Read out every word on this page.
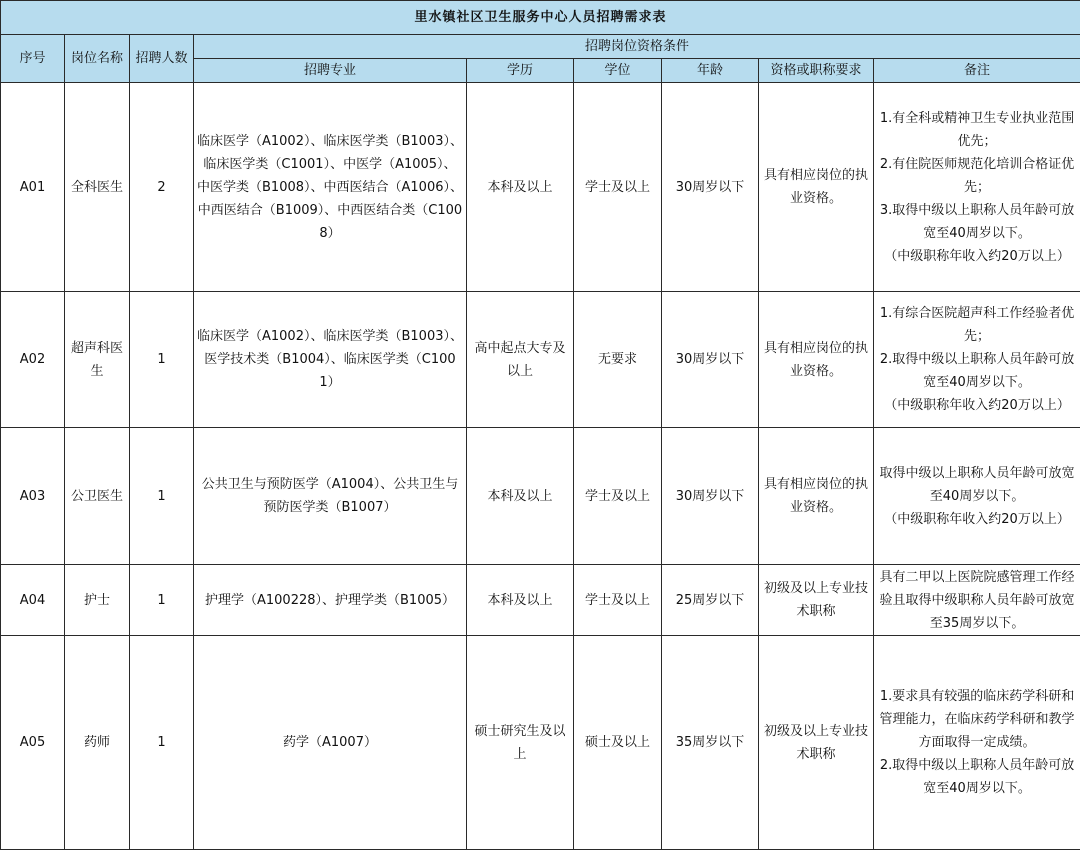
里水镇社区卫生服务中心人员招聘需求表								
序号	岗位名称	招聘人数	招聘岗位资格条件					
			招聘专业	学历	学位	年龄	资格或职称要求	备注
A01	全科医生	2	临床医学（A1002）、临床医学类（B1003）、临床医学类（C1001）、中医学（A1005）、中医学类（B1008）、中西医结合（A1006）、中西医结合（B1009）、中西医结合类（C1008）	本科及以上	学士及以上	30周岁以下	具有相应岗位的执业资格。	1.有全科或精神卫生专业执业范围优先；
2.有住院医师规范化培训合格证优先；
3.取得中级以上职称人员年龄可放宽至40周岁以下。
（中级职称年收入约20万以上）

A02	超声科医生	1	临床医学（A1002）、临床医学类（B1003）、医学技术类（B1004）、临床医学类（C1001）	高中起点大专及以上	无要求	30周岁以下	具有相应岗位的执业资格。	1.有综合医院超声科工作经验者优先；
2.取得中级以上职称人员年龄可放宽至40周岁以下。
（中级职称年收入约20万以上）

A03	公卫医生	1	公共卫生与预防医学（A1004）、公共卫生与预防医学类（B1007）	本科及以上	学士及以上	30周岁以下	具有相应岗位的执业资格。	取得中级以上职称人员年龄可放宽至40周岁以下。
（中级职称年收入约20万以上）

A04	护士	1	护理学（A100228）、护理学类（B1005）	本科及以上	学士及以上	25周岁以下	初级及以上专业技术职称	具有二甲以上医院院感管理工作经验且取得中级职称人员年龄可放宽至35周岁以下。

A05	药师	1	药学（A1007）	硕士研究生及以上	硕士及以上	35周岁以下	初级及以上专业技术职称	1.要求具有较强的临床药学科研和管理能力，在临床药学科研和教学方面取得一定成绩。
2.取得中级以上职称人员年龄可放宽至40周岁以下。
